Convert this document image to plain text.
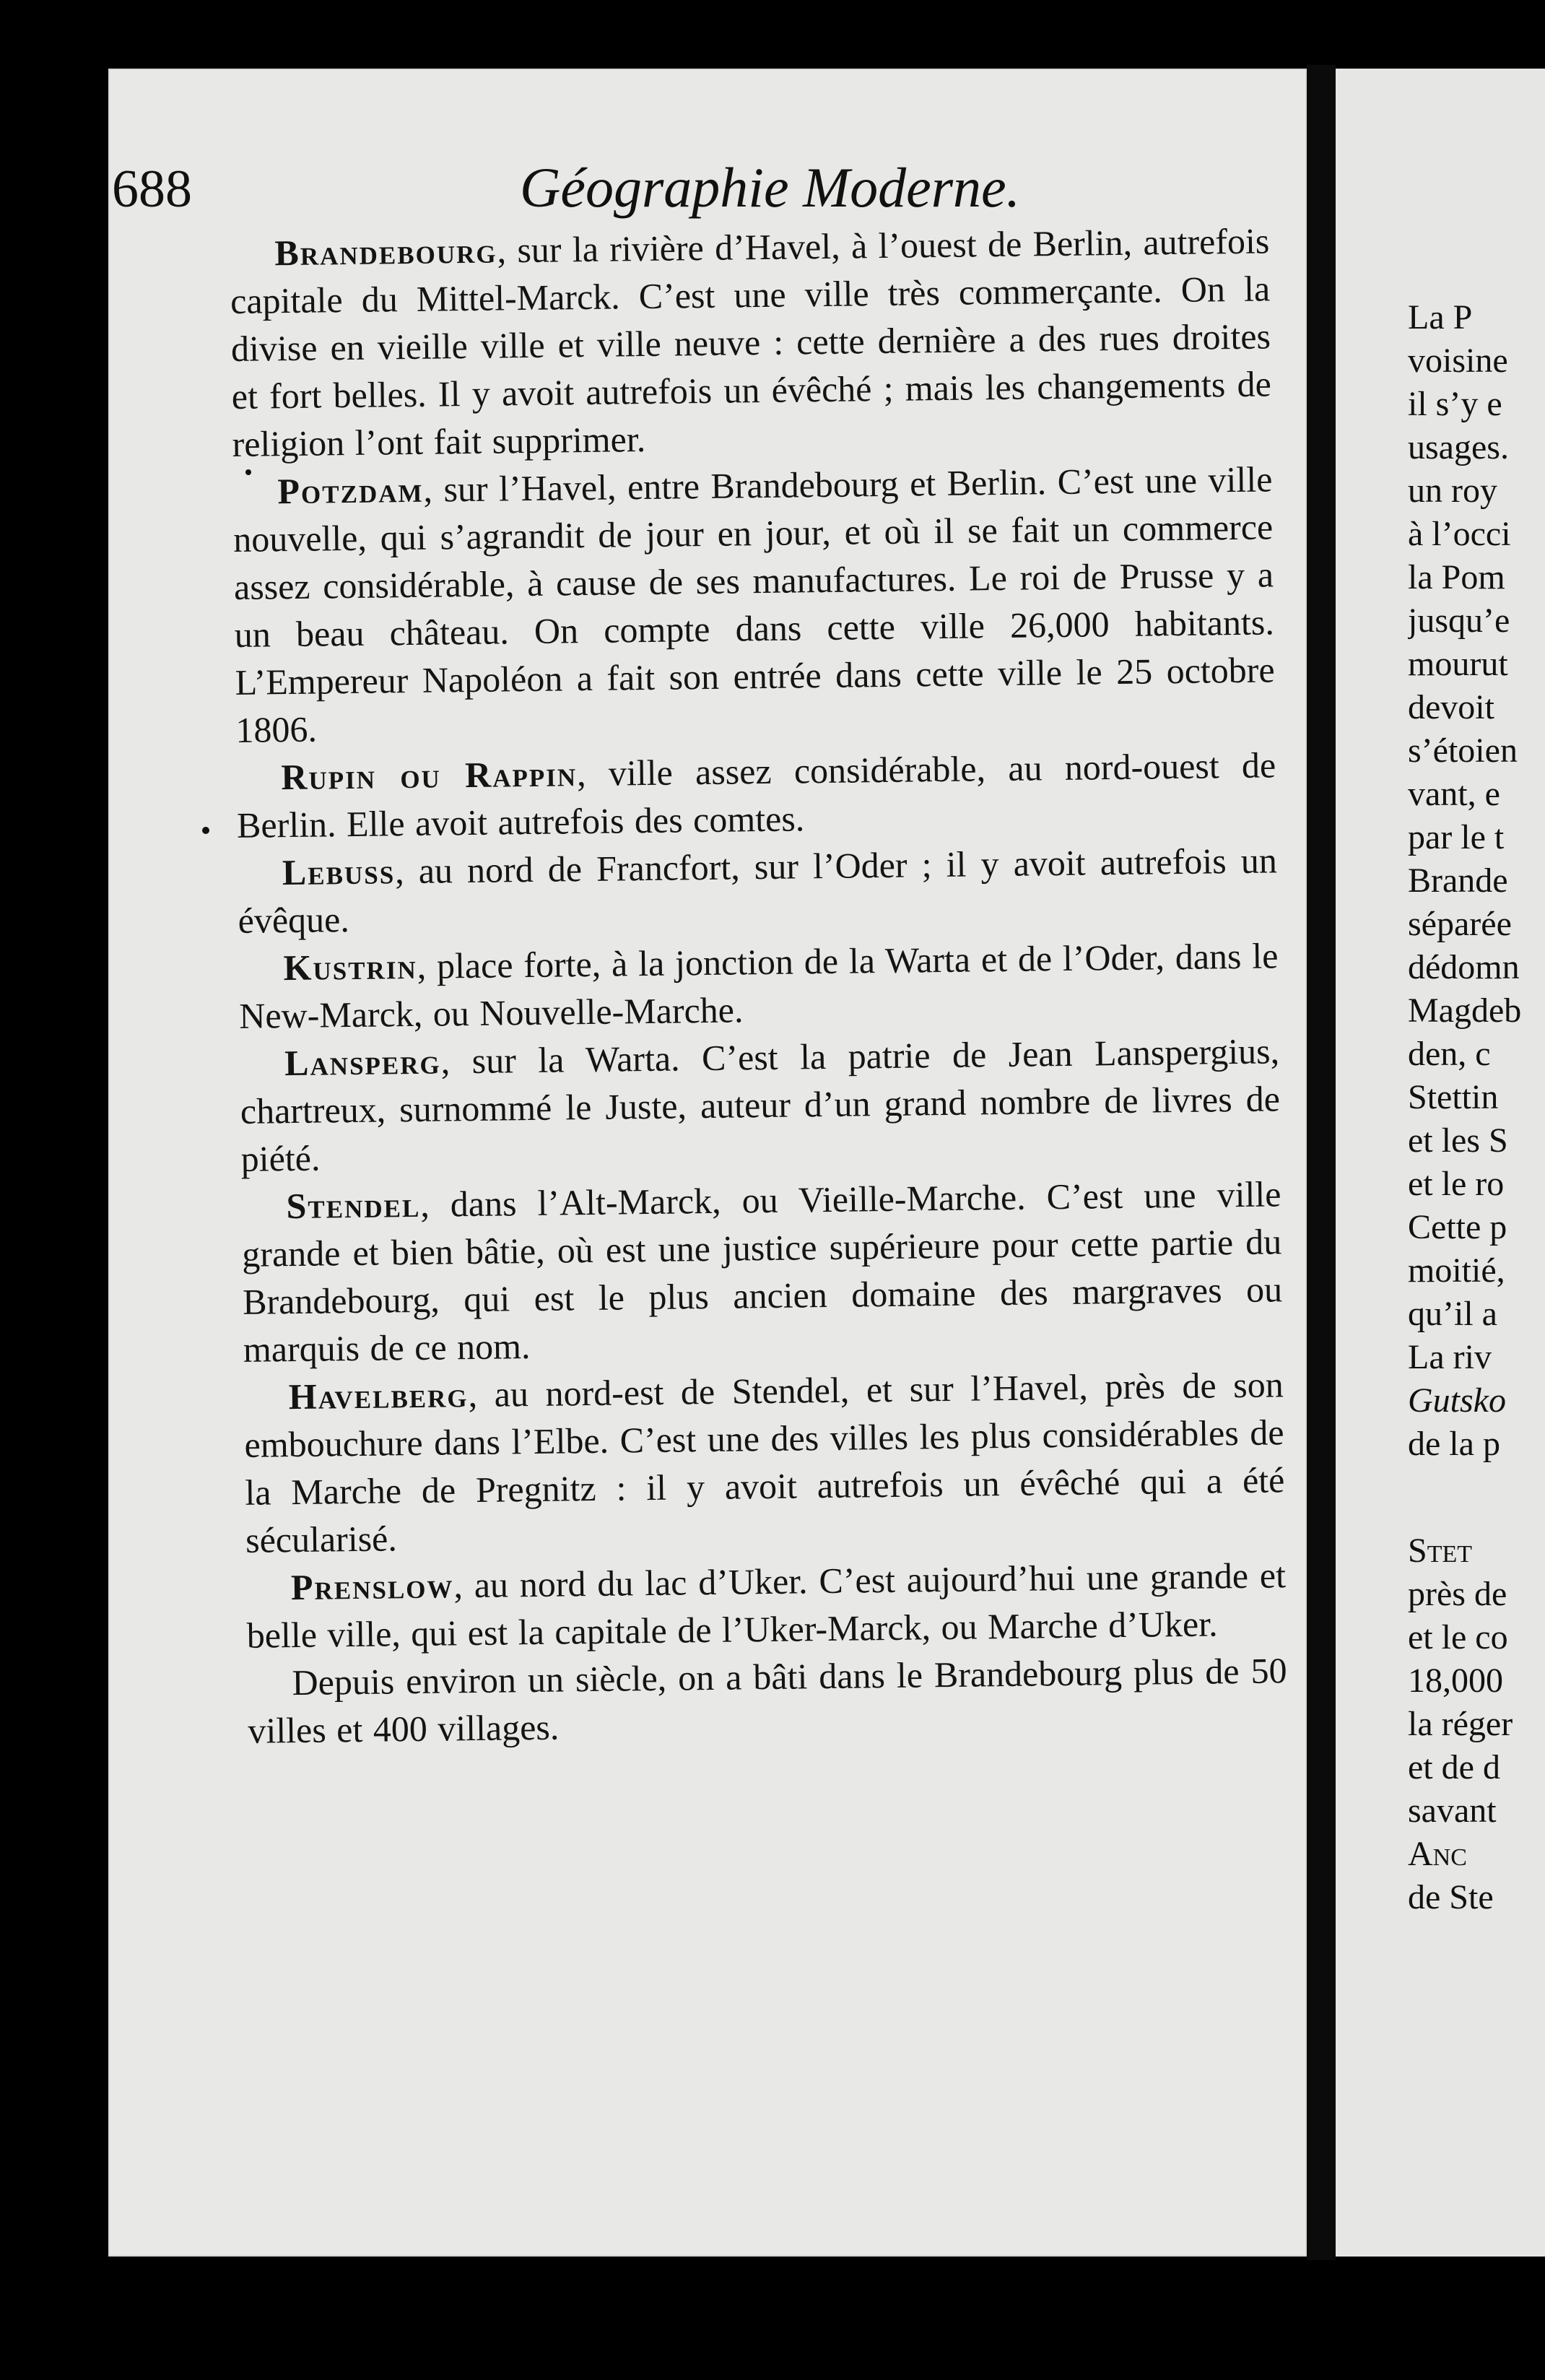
688	Géographie Moderne.

Brandebourg, sur la rivière d’Havel, à l’ouest de Berlin, autrefois capitale du Mittel-Marck. C’est une ville très commerçante. On la divise en vieille ville et ville neuve : cette dernière a des rues droites et fort belles. Il y avoit autrefois un évêché ; mais les changements de religion l’ont fait supprimer.

Potzdam, sur l’Havel, entre Brandebourg et Berlin. C’est une ville nouvelle, qui s’agrandit de jour en jour, et où il se fait un commerce assez considérable, à cause de ses manufactures. Le roi de Prusse y a un beau château. On compte dans cette ville 26,000 habitants. L’Empereur Napoléon a fait son entrée dans cette ville le 25 octobre 1806.

Rupin ou Rappin, ville assez considérable, au nord-ouest de Berlin. Elle avoit autrefois des comtes.

Lebuss, au nord de Francfort, sur l’Oder ; il y avoit autrefois un évêque.

Kustrin, place forte, à la jonction de la Warta et de l’Oder, dans le New-Marck, ou Nouvelle-Marche.

Lansperg, sur la Warta. C’est la patrie de Jean Lanspergius, chartreux, surnommé le Juste, auteur d’un grand nombre de livres de piété.

Stendel, dans l’Alt-Marck, ou Vieille-Marche. C’est une ville grande et bien bâtie, où est une justice supérieure pour cette partie du Brandebourg, qui est le plus ancien domaine des margraves ou marquis de ce nom.

Havelberg, au nord-est de Stendel, et sur l’Havel, près de son embouchure dans l’Elbe. C’est une des villes les plus considérables de la Marche de Pregnitz : il y avoit autrefois un évêché qui a été sécularisé.

Prenslow, au nord du lac d’Uker. C’est aujourd’hui une grande et belle ville, qui est la capitale de l’Uker-Marck, ou Marche d’Uker.

Depuis environ un siècle, on a bâti dans le Brandebourg plus de 50 villes et 400 villages.

La P
voisine
il s’y e
usages.
un roy
à l’occi
la Pom
jusqu’e
mourut
devoit
s’étoien
vant, e
par le t
Brande
séparée
dédomn
Magdeb
den, c
Stettin
et les S
et le ro
Cette p
moitié,
qu’il a
La riv
Gutsko
de la p
Stet
près de
et le co
18,000
la réger
et de d
savant
Anc
de Ste
